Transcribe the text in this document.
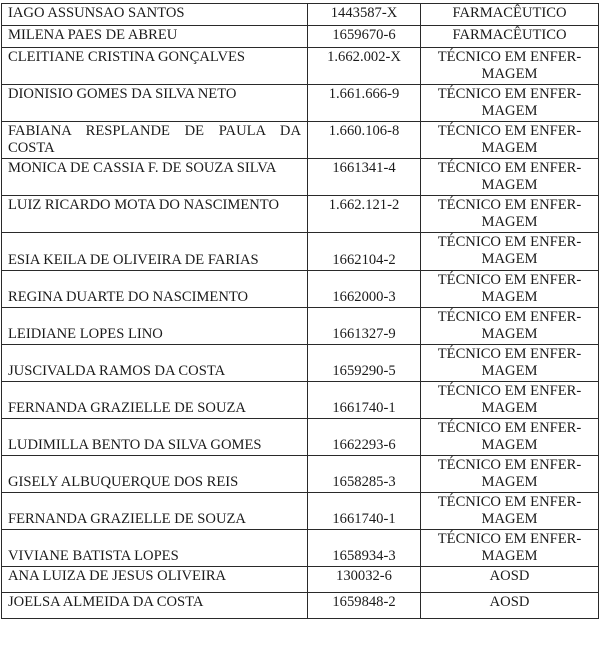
IAGO ASSUNSAO SANTOS	1443587-X	FARMACÊUTICO

MILENA PAES DE ABREU	1659670-6	FARMACÊUTICO

CLEITIANE CRISTINA GONÇALVES	1.662.002-X	TÉCNICO EM ENFER-MAGEM

DIONISIO GOMES DA SILVA NETO	1.661.666-9	TÉCNICO EM ENFER-MAGEM

FABIANA RESPLANDE DE PAULA DA COSTA	1.660.106-8	TÉCNICO EM ENFER-MAGEM

MONICA DE CASSIA F. DE SOUZA SILVA	1661341-4	TÉCNICO EM ENFER-MAGEM

LUIZ RICARDO MOTA DO NASCIMENTO	1.662.121-2	TÉCNICO EM ENFER-MAGEM

ESIA KEILA DE OLIVEIRA DE FARIAS	1662104-2	TÉCNICO EM ENFER-MAGEM

REGINA DUARTE DO NASCIMENTO	1662000-3	TÉCNICO EM ENFER-MAGEM

LEIDIANE LOPES LINO	1661327-9	TÉCNICO EM ENFER-MAGEM

JUSCIVALDA RAMOS DA COSTA	1659290-5	TÉCNICO EM ENFER-MAGEM

FERNANDA GRAZIELLE DE SOUZA	1661740-1	TÉCNICO EM ENFER-MAGEM

LUDIMILLA BENTO DA SILVA GOMES	1662293-6	TÉCNICO EM ENFER-MAGEM

GISELY ALBUQUERQUE DOS REIS	1658285-3	TÉCNICO EM ENFER-MAGEM

FERNANDA GRAZIELLE DE SOUZA	1661740-1	TÉCNICO EM ENFER-MAGEM

VIVIANE BATISTA LOPES	1658934-3	TÉCNICO EM ENFER-MAGEM

ANA LUIZA DE JESUS OLIVEIRA	130032-6	AOSD

JOELSA ALMEIDA DA COSTA	1659848-2	AOSD
